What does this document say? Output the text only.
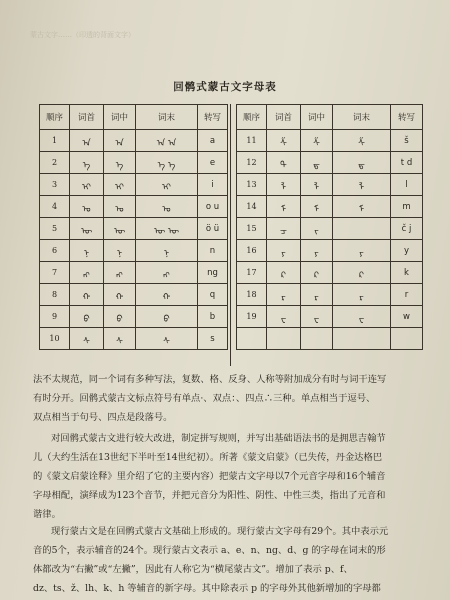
蒙古文字……（印透的背面文字）
回鹘式蒙古文字母表
顺序	词首	词中	词末	转写
1	ᠠ	ᠠ	ᠠ ᠠ	a
2	ᠡ	ᠡ	ᠡ ᠡ	e
3	ᠢ	ᠢ	ᠢ	i
4	ᠣ	ᠣ	ᠣ	o u
5	ᠥ	ᠥ	ᠥ ᠥ	ö ü
6	ᠨ	ᠨ	ᠨ	n
7	ᠩ	ᠩ	ᠩ	ng
8	ᠬ	ᠬ	ᠬ	q
9	ᠪ	ᠪ	ᠪ	b
10	ᠰ	ᠰ	ᠰ	s
顺序	词首	词中	词末	转写
11	ᠱ	ᠱ	ᠱ	š
12	ᠲ	ᠳ	ᠳ	t d
13	ᠯ	ᠯ	ᠯ	l
14	ᠮ	ᠮ	ᠮ	m
15	ᠴ	ᠵ		č j
16	ᠶ	ᠶ	ᠶ	y
17	ᠺ	ᠺ	ᠺ	k
18	ᠷ	ᠷ	ᠷ	r
19	ᠸ	ᠸ	ᠸ	w

法不太规范，同一个词有多种写法，复数、格、反身、人称等附加成分有时与词干连写
有时分开。回鹘式蒙古文标点符号有单点·、双点：、四点∴三种。单点相当于逗号、
双点相当于句号、四点是段落号。
对回鹘式蒙古文进行较大改进，制定拼写规则，并写出基础语法书的是拥思吉翰节
儿（大约生活在13世纪下半叶至14世纪初）。所著《蒙文启蒙》（已失传，丹金达格巴
的《蒙文启蒙诠释》里介绍了它的主要内容）把蒙古文字母以7个元音字母和16个辅音
字母相配，演绎成为123个音节，并把元音分为阳性、阴性、中性三类，指出了元音和
谐律。
现行蒙古文是在回鹘式蒙古文基础上形成的。现行蒙古文字母有29个。其中表示元
音的5个，表示辅音的24个。现行蒙古文表示 a、e、n、ng、d、g 的字母在词末的形
体都改为“右撇”或“左撇”，因此有人称它为“横尾蒙古文”。增加了表示 p、f、
dz、ts、ž、lh、k、h 等辅音的新字母。其中除表示 p 的字母外其他新增加的字母都
